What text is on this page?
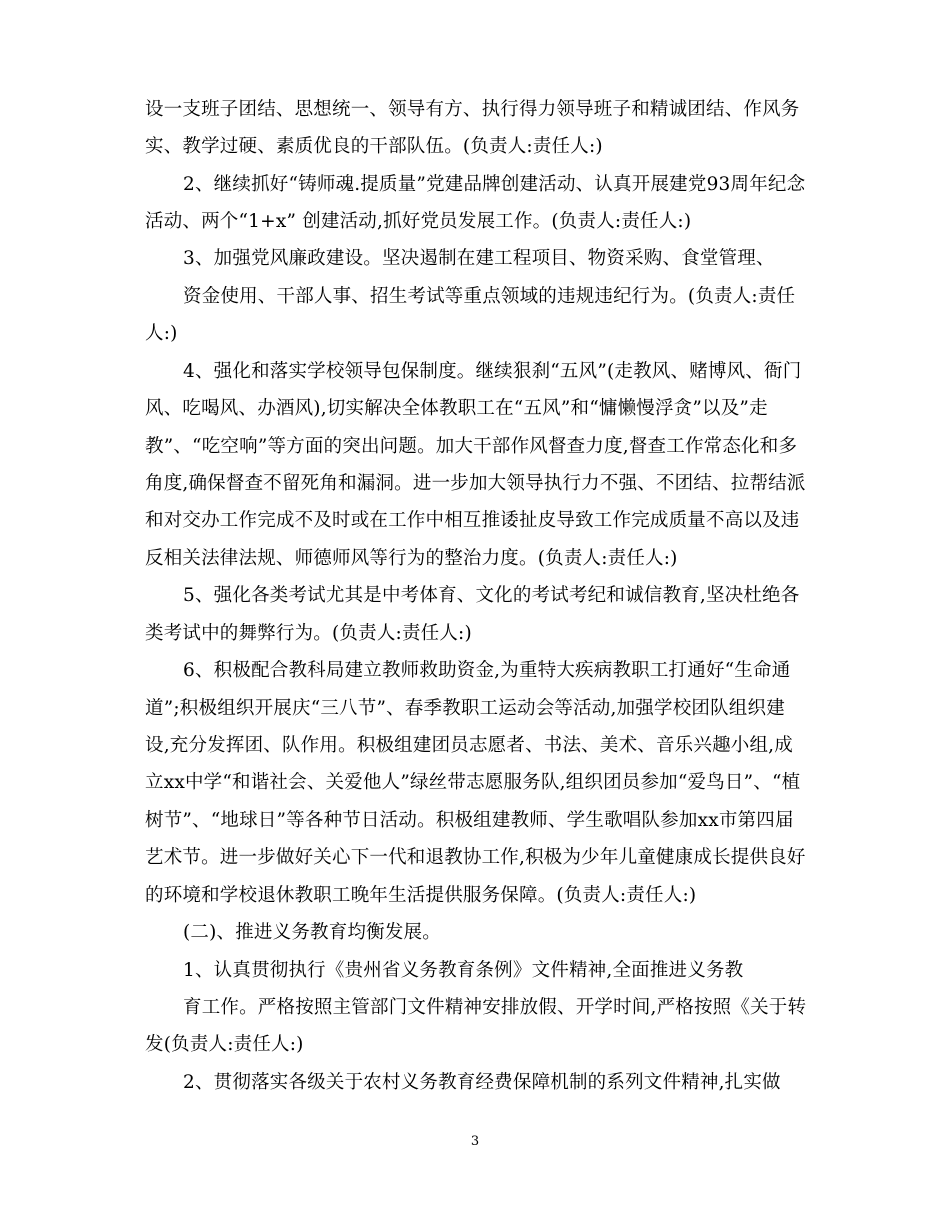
设一支班子团结、思想统一、领导有方、执行得力领导班子和精诚团结、作风务
实、教学过硬、素质优良的干部队伍。(负责人:责任人:)
2、继续抓好“铸师魂.提质量”党建品牌创建活动、认真开展建党93周年纪念
活动、两个“1+x” 创建活动,抓好党员发展工作。(负责人:责任人:)
3、加强党风廉政建设。坚决遏制在建工程项目、物资采购、食堂管理、
资金使用、干部人事、招生考试等重点领域的违规违纪行为。(负责人:责任
人:)
4、强化和落实学校领导包保制度。继续狠刹“五风”(走教风、赌博风、衙门
风、吃喝风、办酒风),切实解决全体教职工在“五风”和“慵懒慢浮贪”以及”走
教”、“吃空响”等方面的突出问题。加大干部作风督查力度,督查工作常态化和多
角度,确保督查不留死角和漏洞。进一步加大领导执行力不强、不团结、拉帮结派
和对交办工作完成不及时或在工作中相互推诿扯皮导致工作完成质量不高以及违
反相关法律法规、师德师风等行为的整治力度。(负责人:责任人:)
5、强化各类考试尤其是中考体育、文化的考试考纪和诚信教育,坚决杜绝各
类考试中的舞弊行为。(负责人:责任人:)
6、积极配合教科局建立教师救助资金,为重特大疾病教职工打通好“生命通
道”;积极组织开展庆“三八节”、春季教职工运动会等活动,加强学校团队组织建
设,充分发挥团、队作用。积极组建团员志愿者、书法、美术、音乐兴趣小组,成
立xx中学“和谐社会、关爱他人”绿丝带志愿服务队,组织团员参加“爱鸟日”、“植
树节”、“地球日”等各种节日活动。积极组建教师、学生歌唱队参加xx市第四届
艺术节。进一步做好关心下一代和退教协工作,积极为少年儿童健康成长提供良好
的环境和学校退休教职工晚年生活提供服务保障。(负责人:责任人:)
(二)、推进义务教育均衡发展。
1、认真贯彻执行《贵州省义务教育条例》文件精神,全面推进义务教
育工作。严格按照主管部门文件精神安排放假、开学时间,严格按照《关于转
发(负责人:责任人:)
2、贯彻落实各级关于农村义务教育经费保障机制的系列文件精神,扎实做
3
